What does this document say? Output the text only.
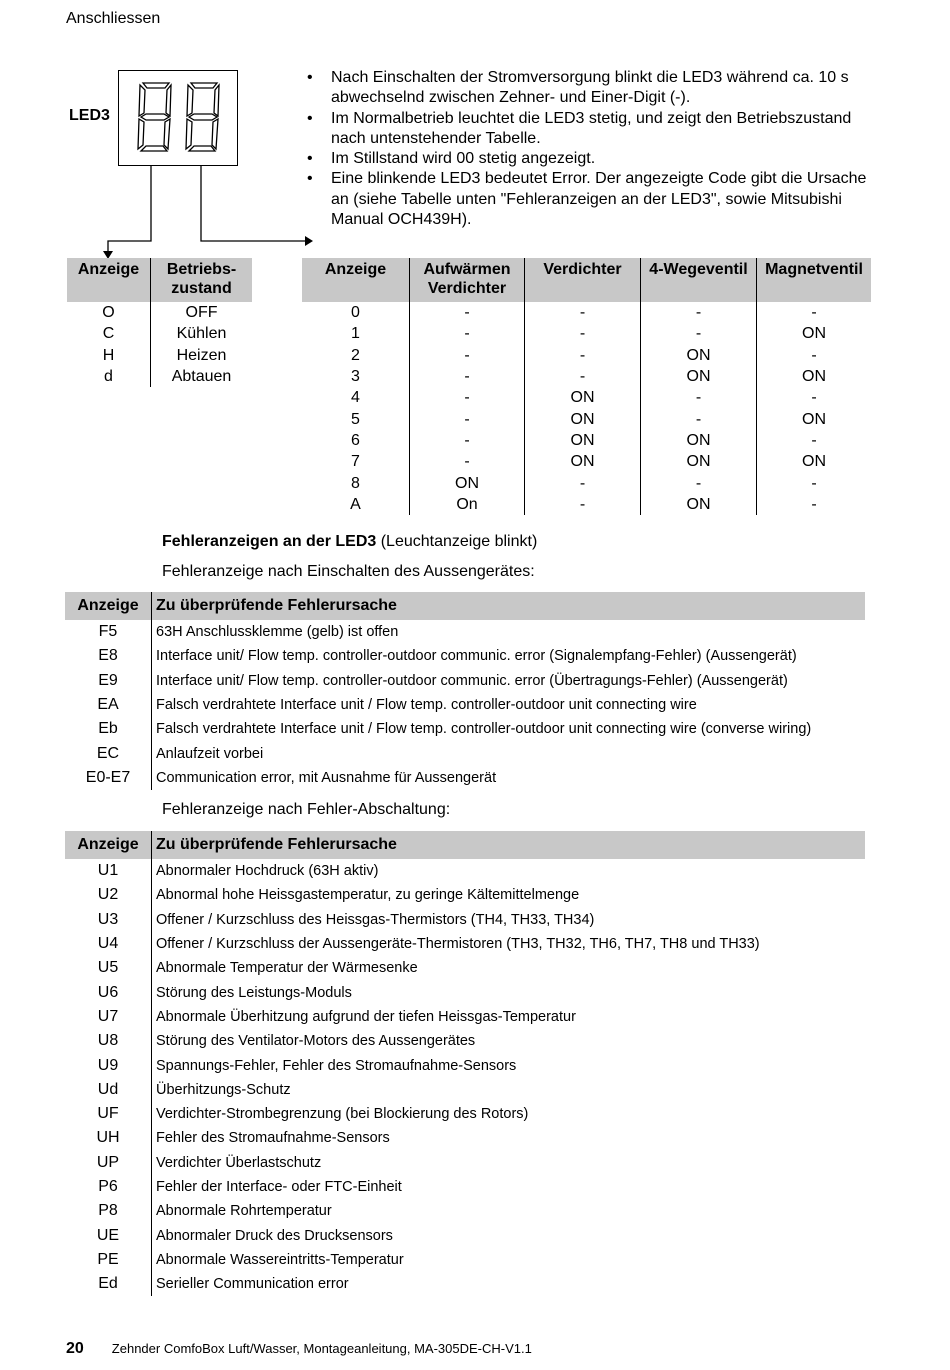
Anschliessen
LED3
• Nach Einschalten der Stromversorgung blinkt die LED3 während ca. 10 s abwechselnd zwischen Zehner- und Einer-Digit (-).
• Im Normalbetrieb leuchtet die LED3 stetig, und zeigt den Betriebszustand nach untenstehender Tabelle.
• Im Stillstand wird 00 stetig angezeigt.
• Eine blinkende LED3 bedeutet Error. Der angezeigte Code gibt die Ursache an (siehe Tabelle unten "Fehleranzeigen an der LED3", sowie Mitsubishi Manual OCH439H).
Anzeige	Betriebs-
zustand
O	OFF
C	Kühlen
H	Heizen
d	Abtauen
Anzeige	Aufwärmen Verdichter	Verdichter	4-Wegeventil	Magnetventil
0	-	-	-	-
1	-	-	-	ON
2	-	-	ON	-
3	-	-	ON	ON
4	-	ON	-	-
5	-	ON	-	ON
6	-	ON	ON	-
7	-	ON	ON	ON
8	ON	-	-	-
A	On	-	ON	-
Fehleranzeigen an der LED3 (Leuchtanzeige blinkt)
Fehleranzeige nach Einschalten des Aussengerätes:
Anzeige	Zu überprüfende Fehlerursache
F5	63H Anschlussklemme (gelb) ist offen
E8	Interface unit/ Flow temp. controller-outdoor communic. error (Signalempfang-Fehler) (Aussengerät)
E9	Interface unit/ Flow temp. controller-outdoor communic. error (Übertragungs-Fehler) (Aussengerät)
EA	Falsch verdrahtete Interface unit / Flow temp. controller-outdoor unit connecting wire
Eb	Falsch verdrahtete Interface unit / Flow temp. controller-outdoor unit connecting wire (converse wiring)
EC	Anlaufzeit vorbei
E0-E7	Communication error, mit Ausnahme für Aussengerät
Fehleranzeige nach Fehler-Abschaltung:
Anzeige	Zu überprüfende Fehlerursache
U1	Abnormaler Hochdruck (63H aktiv)
U2	Abnormal hohe Heissgastemperatur, zu geringe Kältemittelmenge
U3	Offener / Kurzschluss des Heissgas-Thermistors (TH4, TH33, TH34)
U4	Offener / Kurzschluss der Aussengeräte-Thermistoren (TH3, TH32, TH6, TH7, TH8 und TH33)
U5	Abnormale Temperatur der Wärmesenke
U6	Störung des Leistungs-Moduls
U7	Abnormale Überhitzung aufgrund der tiefen Heissgas-Temperatur
U8	Störung des Ventilator-Motors des Aussengerätes
U9	Spannungs-Fehler, Fehler des Stromaufnahme-Sensors
Ud	Überhitzungs-Schutz
UF	Verdichter-Strombegrenzung (bei Blockierung des Rotors)
UH	Fehler des Stromaufnahme-Sensors
UP	Verdichter Überlastschutz
P6	Fehler der Interface- oder FTC-Einheit
P8	Abnormale Rohrtemperatur
UE	Abnormaler Druck des Drucksensors
PE	Abnormale Wassereintritts-Temperatur
Ed	Serieller Communication error
20 Zehnder ComfoBox Luft/Wasser, Montageanleitung, MA-305DE-CH-V1.1
